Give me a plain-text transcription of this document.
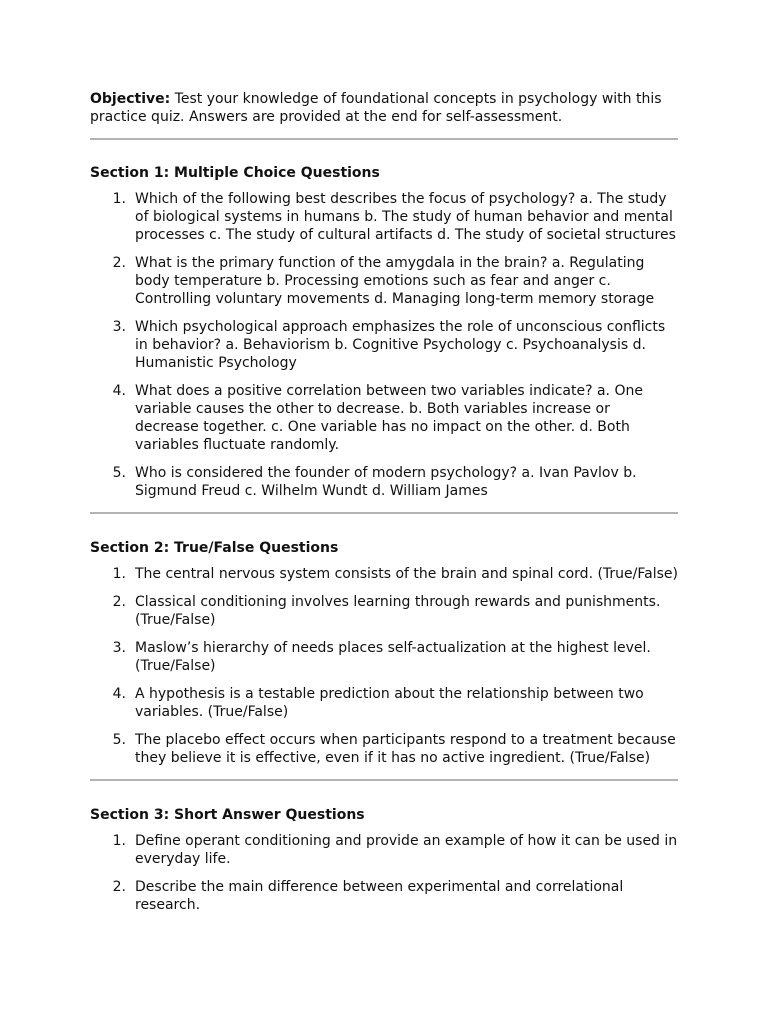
Objective: Test your knowledge of foundational concepts in psychology with this practice quiz. Answers are provided at the end for self-assessment.

Section 1: Multiple Choice Questions
1. Which of the following best describes the focus of psychology? a. The study of biological systems in humans b. The study of human behavior and mental processes c. The study of cultural artifacts d. The study of societal structures
2. What is the primary function of the amygdala in the brain? a. Regulating body temperature b. Processing emotions such as fear and anger c. Controlling voluntary movements d. Managing long-term memory storage
3. Which psychological approach emphasizes the role of unconscious conflicts in behavior? a. Behaviorism b. Cognitive Psychology c. Psychoanalysis d. Humanistic Psychology
4. What does a positive correlation between two variables indicate? a. One variable causes the other to decrease. b. Both variables increase or decrease together. c. One variable has no impact on the other. d. Both variables fluctuate randomly.
5. Who is considered the founder of modern psychology? a. Ivan Pavlov b. Sigmund Freud c. Wilhelm Wundt d. William James
Section 2: True/False Questions
1. The central nervous system consists of the brain and spinal cord. (True/False)
2. Classical conditioning involves learning through rewards and punishments. (True/False)
3. Maslow’s hierarchy of needs places self-actualization at the highest level. (True/False)
4. A hypothesis is a testable prediction about the relationship between two variables. (True/False)
5. The placebo effect occurs when participants respond to a treatment because they believe it is effective, even if it has no active ingredient. (True/False)
Section 3: Short Answer Questions
1. Define operant conditioning and provide an example of how it can be used in everyday life.
2. Describe the main difference between experimental and correlational research.
